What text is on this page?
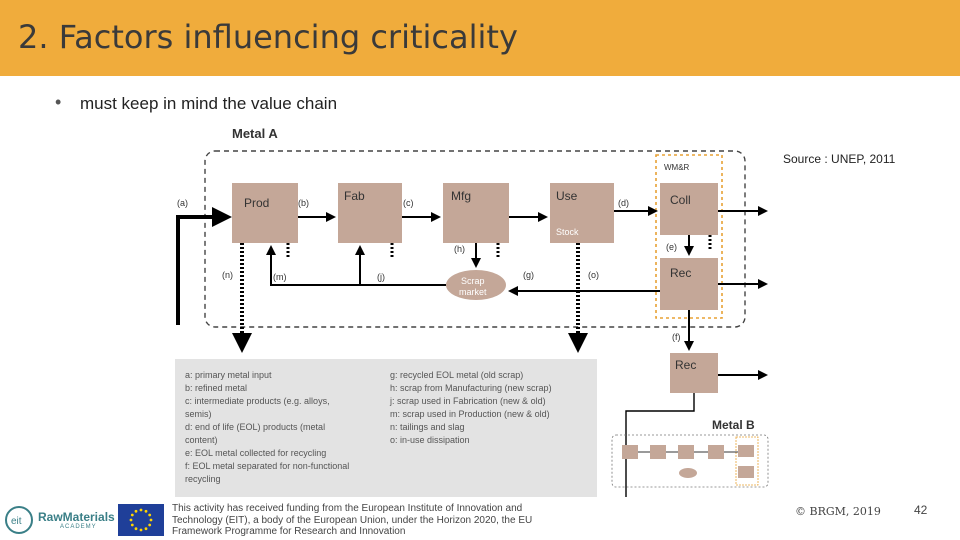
2. Factors influencing criticality
• must keep in mind the value chain
Source : UNEP, 2011
Metal A
WM&R
Prod	Fab	Mfg	Use
Stock
Coll
Rec
Rec
Scrap
market
(a)	(b)	(c)	(d)
(e)
(f)
(g)
(h)
(j)
(m)
(n)	(o)
a: primary metal input
b: refined metal
c: intermediate products (e.g. alloys,
semis)
d: end of life (EOL) products (metal
content)
e: EOL metal collected for recycling
f: EOL metal separated for non-functional
recycling
g: recycled EOL metal (old scrap)
h: scrap from Manufacturing (new scrap)
j: scrap used in Fabrication (new & old)
m: scrap used in Production (new & old)
n: tailings and slag
o: in-use dissipation
Metal B
eit RawMaterials
ACADEMY
This activity has received funding from the European Institute of Innovation and
Technology (EIT), a body of the European Union, under the Horizon 2020, the EU
Framework Programme for Research and Innovation
© BRGM, 2019	42
